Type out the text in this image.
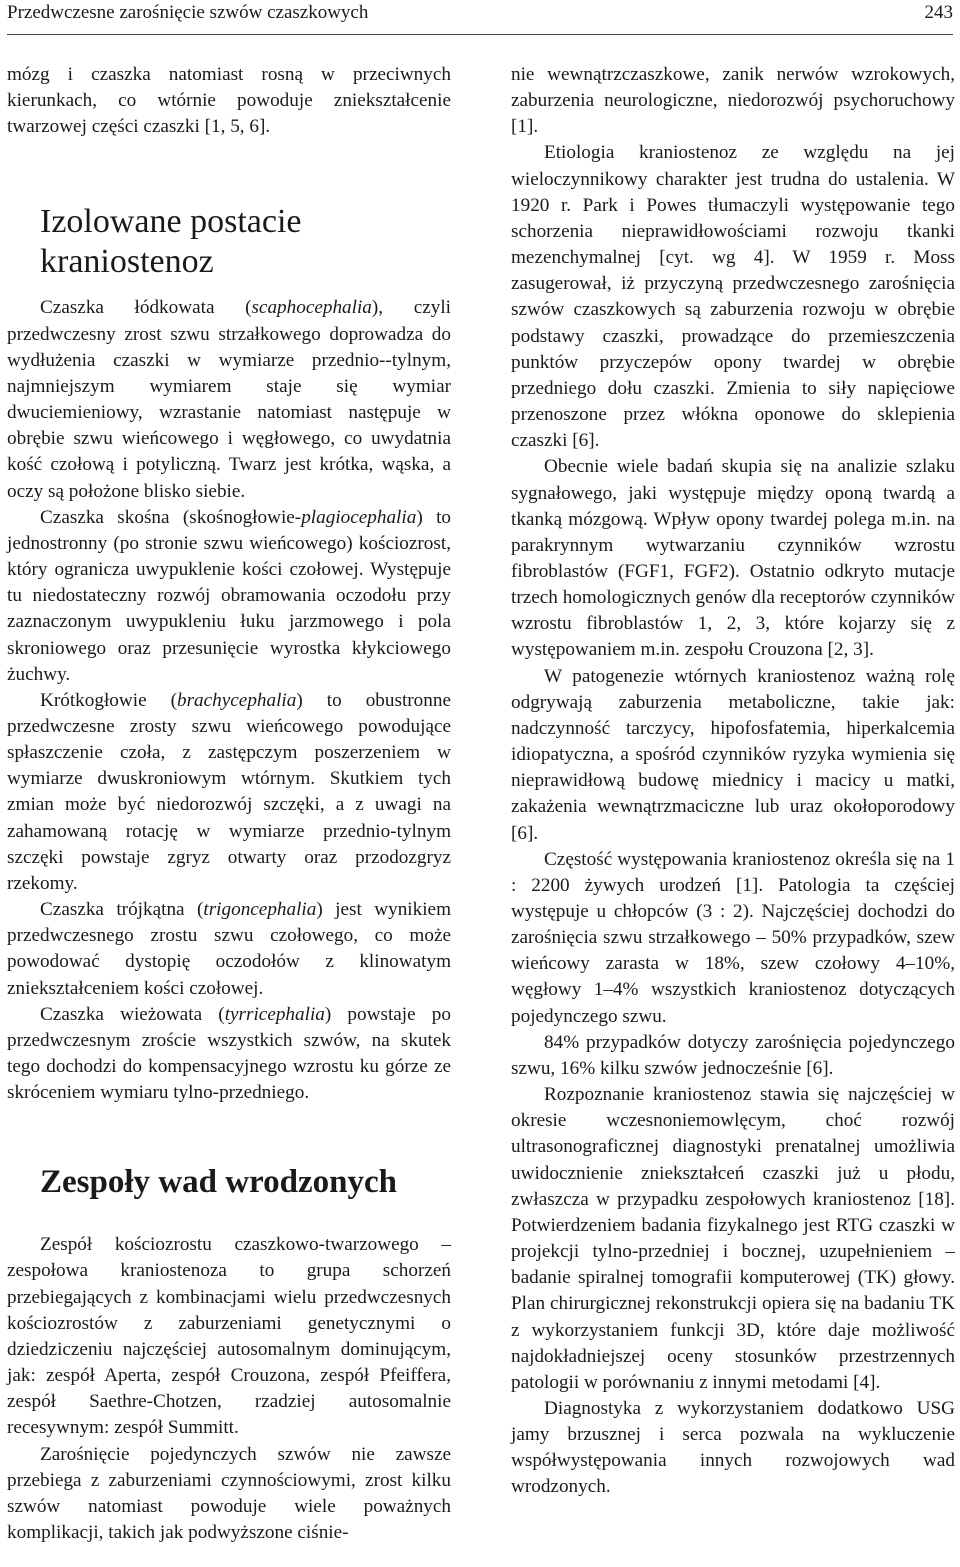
Przedwczesne zarośnięcie szwów czaszkowych	243

mózg i czaszka natomiast rosną w przeciwnych kierunkach, co wtórnie powoduje zniekształcenie twarzowej części czaszki [1, 5, 6].

Izolowane postacie kraniostenoz

Czaszka łódkowata (scaphocephalia), czyli przedwczesny zrost szwu strzałkowego doprowadza do wydłużenia czaszki w wymiarze przednio--tylnym, najmniejszym wymiarem staje się wymiar dwuciemieniowy, wzrastanie natomiast następuje w obrębie szwu wieńcowego i węgłowego, co uwydatnia kość czołową i potyliczną. Twarz jest krótka, wąska, a oczy są położone blisko siebie.

Czaszka skośna (skośnogłowie-plagiocephalia) to jednostronny (po stronie szwu wieńcowego) kościozrost, który ogranicza uwypuklenie kości czołowej. Występuje tu niedostateczny rozwój obramowania oczodołu przy zaznaczonym uwypukleniu łuku jarzmowego i pola skroniowego oraz przesunięcie wyrostka kłykciowego żuchwy.

Krótkogłowie (brachycephalia) to obustronne przedwczesne zrosty szwu wieńcowego powodujące spłaszczenie czoła, z zastępczym poszerzeniem w wymiarze dwuskroniowym wtórnym. Skutkiem tych zmian może być niedorozwój szczęki, a z uwagi na zahamowaną rotację w wymiarze przednio-tylnym szczęki powstaje zgryz otwarty oraz przodozgryz rzekomy.

Czaszka trójkątna (trigoncephalia) jest wynikiem przedwczesnego zrostu szwu czołowego, co może powodować dystopię oczodołów z klinowatym zniekształceniem kości czołowej.

Czaszka wieżowata (tyrricephalia) powstaje po przedwczesnym zroście wszystkich szwów, na skutek tego dochodzi do kompensacyjnego wzrostu ku górze ze skróceniem wymiaru tylno-przedniego.

Zespoły wad wrodzonych

Zespół kościozrostu czaszkowo-twarzowego – zespołowa kraniostenoza to grupa schorzeń przebiegających z kombinacjami wielu przedwczesnych kościozrostów z zaburzeniami genetycznymi o dziedziczeniu najczęściej autosomalnym dominującym, jak: zespół Aperta, zespół Crouzona, zespół Pfeiffera, zespół Saethre-Chotzen, rzadziej autosomalnie recesywnym: zespół Summitt.

Zarośnięcie pojedynczych szwów nie zawsze przebiega z zaburzeniami czynnościowymi, zrost kilku szwów natomiast powoduje wiele poważnych komplikacji, takich jak podwyższone ciśnie-

nie wewnątrzczaszkowe, zanik nerwów wzrokowych, zaburzenia neurologiczne, niedorozwój psychoruchowy [1].

Etiologia kraniostenoz ze względu na jej wieloczynnikowy charakter jest trudna do ustalenia. W 1920 r. Park i Powes tłumaczyli występowanie tego schorzenia nieprawidłowościami rozwoju tkanki mezenchymalnej [cyt. wg 4]. W 1959 r. Moss zasugerował, iż przyczyną przedwczesnego zarośnięcia szwów czaszkowych są zaburzenia rozwoju w obrębie podstawy czaszki, prowadzące do przemieszczenia punktów przyczepów opony twardej w obrębie przedniego dołu czaszki. Zmienia to siły napięciowe przenoszone przez włókna oponowe do sklepienia czaszki [6].

Obecnie wiele badań skupia się na analizie szlaku sygnałowego, jaki występuje między oponą twardą a tkanką mózgową. Wpływ opony twardej polega m.in. na parakrynnym wytwarzaniu czynników wzrostu fibroblastów (FGF1, FGF2). Ostatnio odkryto mutacje trzech homologicznych genów dla receptorów czynników wzrostu fibroblastów 1, 2, 3, które kojarzy się z występowaniem m.in. zespołu Crouzona [2, 3].

W patogenezie wtórnych kraniostenoz ważną rolę odgrywają zaburzenia metaboliczne, takie jak: nadczynność tarczycy, hipofosfatemia, hiperkalcemia idiopatyczna, a spośród czynników ryzyka wymienia się nieprawidłową budowę miednicy i macicy u matki, zakażenia wewnątrzmaciczne lub uraz okołoporodowy [6].

Częstość występowania kraniostenoz określa się na 1 : 2200 żywych urodzeń [1]. Patologia ta częściej występuje u chłopców (3 : 2). Najczęściej dochodzi do zarośnięcia szwu strzałkowego – 50% przypadków, szew wieńcowy zarasta w 18%, szew czołowy 4–10%, węgłowy 1–4% wszystkich kraniostenoz dotyczących pojedynczego szwu.

84% przypadków dotyczy zarośnięcia pojedynczego szwu, 16% kilku szwów jednocześnie [6].

Rozpoznanie kraniostenoz stawia się najczęściej w okresie wczesnoniemowlęcym, choć rozwój ultrasonograficznej diagnostyki prenatalnej umożliwia uwidocznienie zniekształceń czaszki już u płodu, zwłaszcza w przypadku zespołowych kraniostenoz [18]. Potwierdzeniem badania fizykalnego jest RTG czaszki w projekcji tylno-przedniej i bocznej, uzupełnieniem – badanie spiralnej tomografii komputerowej (TK) głowy. Plan chirurgicznej rekonstrukcji opiera się na badaniu TK z wykorzystaniem funkcji 3D, które daje możliwość najdokładniejszej oceny stosunków przestrzennych patologii w porównaniu z innymi metodami [4].

Diagnostyka z wykorzystaniem dodatkowo USG jamy brzusznej i serca pozwala na wykluczenie współwystępowania innych rozwojowych wad wrodzonych.
